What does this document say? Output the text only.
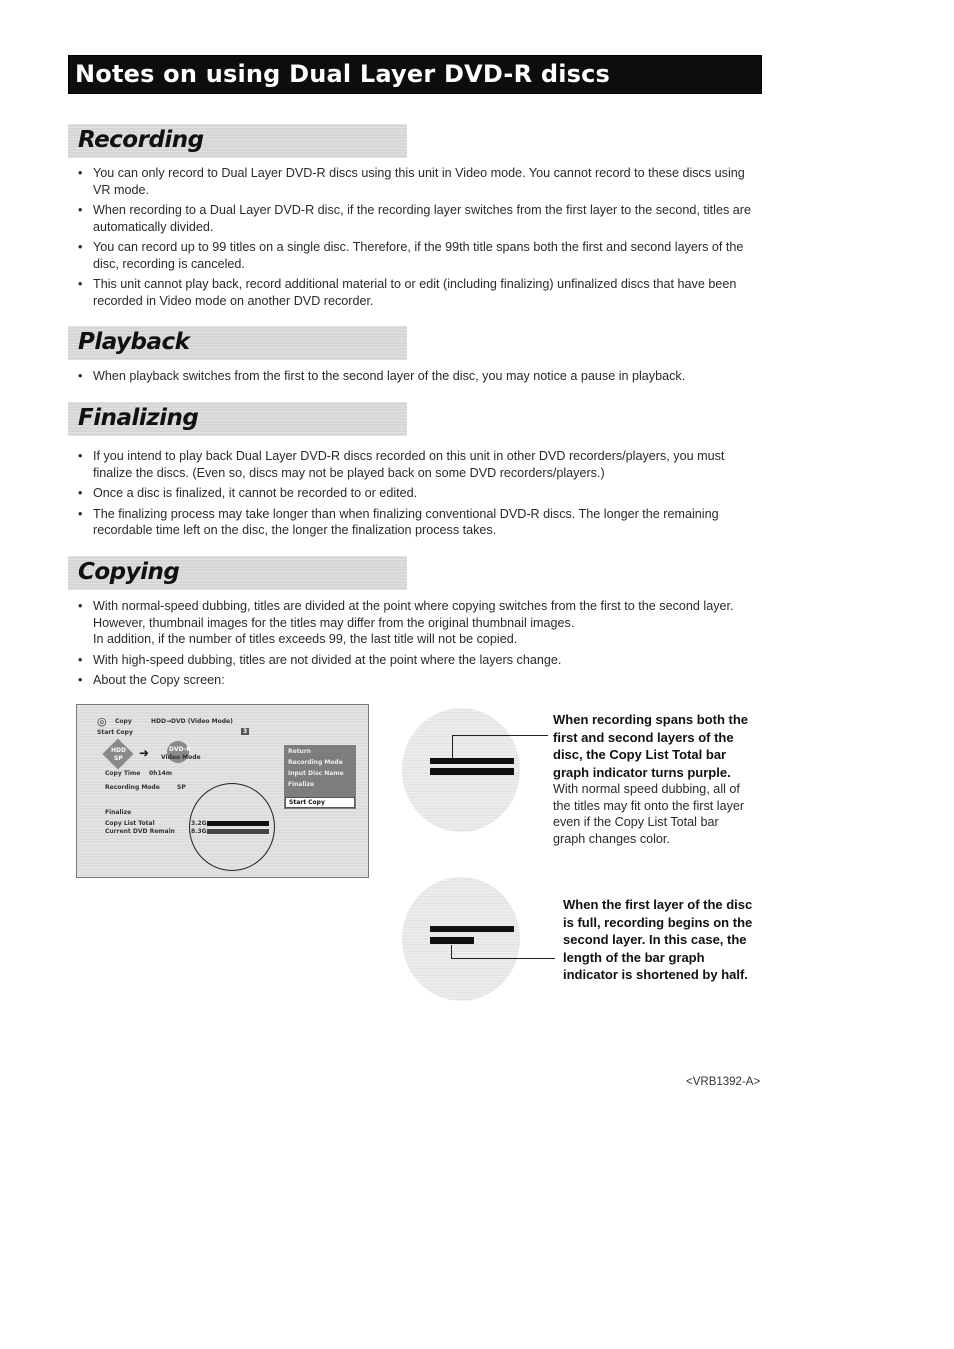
Notes on using Dual Layer DVD-R discs
Recording
• You can only record to Dual Layer DVD-R discs using this unit in Video mode. You cannot record to these discs using VR mode.
• When recording to a Dual Layer DVD-R disc, if the recording layer switches from the first layer to the second, titles are automatically divided.
• You can record up to 99 titles on a single disc. Therefore, if the 99th title spans both the first and second layers of the disc, recording is canceled.
• This unit cannot play back, record additional material to or edit (including finalizing) unfinalized discs that have been recorded in Video mode on another DVD recorder.
Playback
• When playback switches from the first to the second layer of the disc, you may notice a pause in playback.
Finalizing
• If you intend to play back Dual Layer DVD-R discs recorded on this unit in other DVD recorders/players, you must finalize the discs. (Even so, discs may not be played back on some DVD recorders/players.)
• Once a disc is finalized, it cannot be recorded to or edited.
• The finalizing process may take longer than when finalizing conventional DVD-R discs. The longer the remaining recordable time left on the disc, the longer the finalization process takes.
Copying
• With normal-speed dubbing, titles are divided at the point where copying switches from the first to the second layer. However, thumbnail images for the titles may differ from the original thumbnail images.
In addition, if the number of titles exceeds 99, the last title will not be copied.
• With high-speed dubbing, titles are not divided at the point where the layers change.
• About the Copy screen:
◎ Copy	HDD→DVD (Video Mode)
Start Copy	3
HDD
SP ➜	DVD-R
Video Mode
Copy Time 0h14m
Recording Mode	SP
Finalize
Copy List Total
Current DVD Remain
3.2G
8.3G
Return
Recording Mode
Input Disc Name
Finalize
Start Copy
When recording spans both the first and second layers of the disc, the Copy List Total bar graph indicator turns purple.
With normal speed dubbing, all of the titles may fit onto the first layer even if the Copy List Total bar graph changes color.
When the first layer of the disc is full, recording begins on the second layer. In this case, the length of the bar graph indicator is shortened by half.
<VRB1392-A>
